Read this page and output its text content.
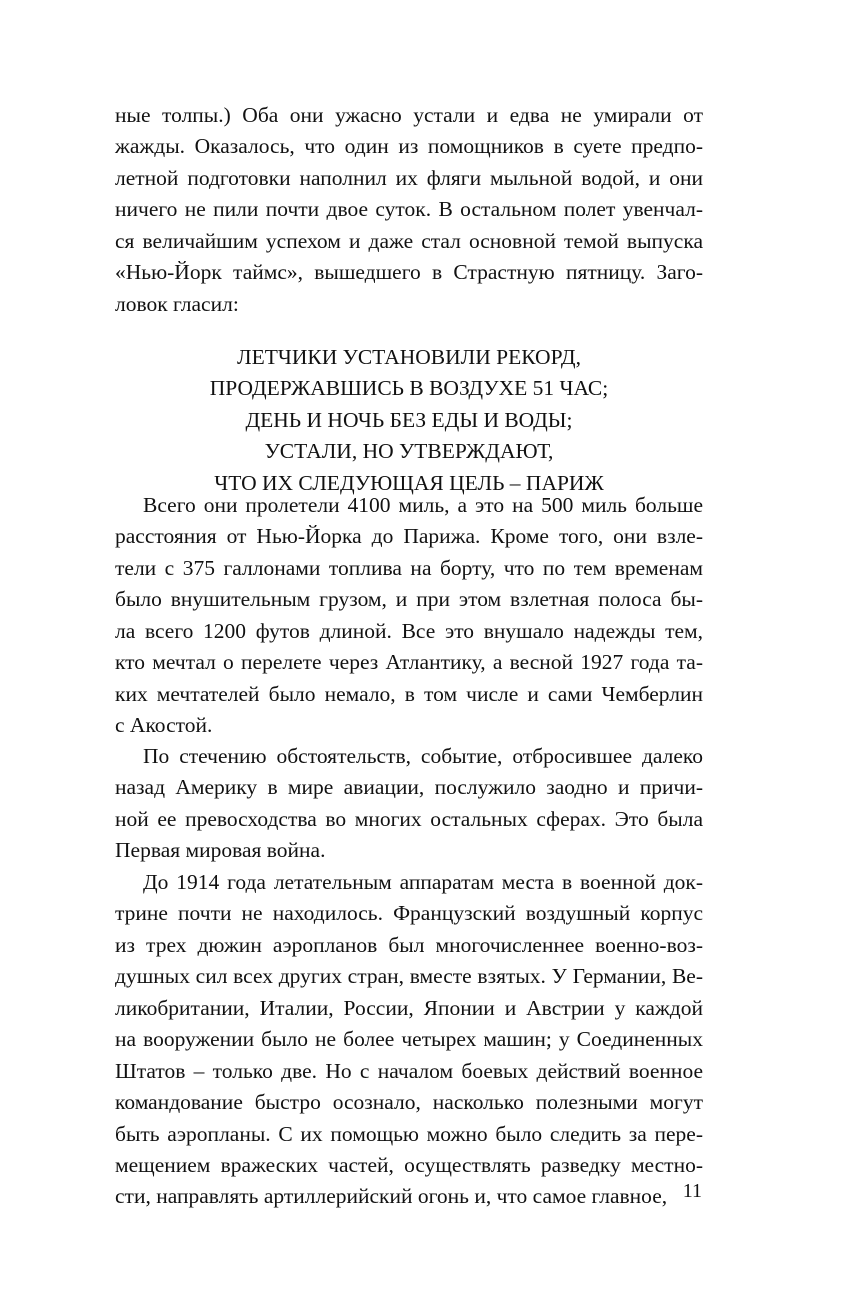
ные толпы.) Оба они ужасно устали и едва не умирали от
жажды. Оказалось, что один из помощников в суете предпо-
летной подготовки наполнил их фляги мыльной водой, и они
ничего не пили почти двое суток. В остальном полет увенчал-
ся величайшим успехом и даже стал основной темой выпуска
«Нью-Йорк таймс», вышедшего в Страстную пятницу. Заго-
ловок гласил:
ЛЕТЧИКИ УСТАНОВИЛИ РЕКОРД,
ПРОДЕРЖАВШИСЬ В ВОЗДУХЕ 51 ЧАС;
ДЕНЬ И НОЧЬ БЕЗ ЕДЫ И ВОДЫ;
УСТАЛИ, НО УТВЕРЖДАЮТ,
ЧТО ИХ СЛЕДУЮЩАЯ ЦЕЛЬ – ПАРИЖ
Всего они пролетели 4100 миль, а это на 500 миль больше
расстояния от Нью-Йорка до Парижа. Кроме того, они взле-
тели с 375 галлонами топлива на борту, что по тем временам
было внушительным грузом, и при этом взлетная полоса бы-
ла всего 1200 футов длиной. Все это внушало надежды тем,
кто мечтал о перелете через Атлантику, а весной 1927 года та-
ких мечтателей было немало, в том числе и сами Чемберлин
с Акостой.
По стечению обстоятельств, событие, отбросившее далеко
назад Америку в мире авиации, послужило заодно и причи-
ной ее превосходства во многих остальных сферах. Это была
Первая мировая война.
До 1914 года летательным аппаратам места в военной док-
трине почти не находилось. Французский воздушный корпус
из трех дюжин аэропланов был многочисленнее военно-воз-
душных сил всех других стран, вместе взятых. У Германии, Ве-
ликобритании, Италии, России, Японии и Австрии у каждой
на вооружении было не более четырех машин; у Соединенных
Штатов – только две. Но с началом боевых действий военное
командование быстро осознало, насколько полезными могут
быть аэропланы. С их помощью можно было следить за пере-
мещением вражеских частей, осуществлять разведку местно-
сти, направлять артиллерийский огонь и, что самое главное, 11
